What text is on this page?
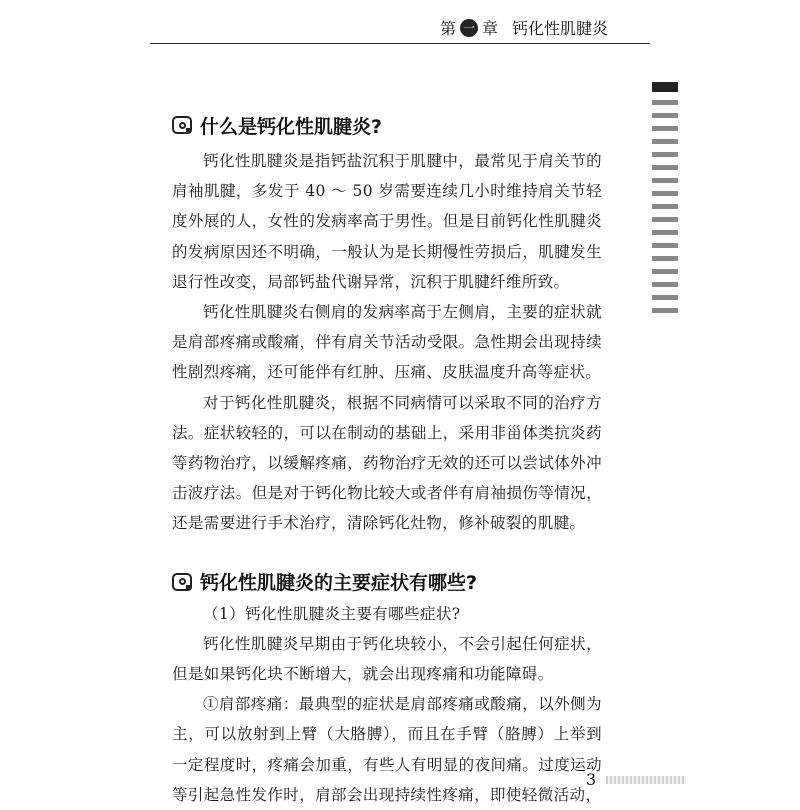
第 一 章 钙化性肌腱炎
什么是钙化性肌腱炎?

钙化性肌腱炎是指钙盐沉积于肌腱中，最常见于肩关节的肩袖肌腱，多发于 40 ～ 50 岁需要连续几小时维持肩关节轻度外展的人，女性的发病率高于男性。但是目前钙化性肌腱炎的发病原因还不明确，一般认为是长期慢性劳损后，肌腱发生退行性改变，局部钙盐代谢异常，沉积于肌腱纤维所致。

钙化性肌腱炎右侧肩的发病率高于左侧肩，主要的症状就是肩部疼痛或酸痛，伴有肩关节活动受限。急性期会出现持续性剧烈疼痛，还可能伴有红肿、压痛、皮肤温度升高等症状。

对于钙化性肌腱炎，根据不同病情可以采取不同的治疗方法。症状较轻的，可以在制动的基础上，采用非甾体类抗炎药等药物治疗，以缓解疼痛，药物治疗无效的还可以尝试体外冲击波疗法。但是对于钙化物比较大或者伴有肩袖损伤等情况，还是需要进行手术治疗，清除钙化灶物，修补破裂的肌腱。

钙化性肌腱炎的主要症状有哪些?

（1）钙化性肌腱炎主要有哪些症状?

钙化性肌腱炎早期由于钙化块较小，不会引起任何症状，但是如果钙化块不断增大，就会出现疼痛和功能障碍。

①肩部疼痛：最典型的症状是肩部疼痛或酸痛，以外侧为主，可以放射到上臂（大胳膊），而且在手臂（胳膊）上举到一定程度时，疼痛会加重，有些人有明显的夜间痛。过度运动等引起急性发作时，肩部会出现持续性疼痛，即使轻微活动，

3
